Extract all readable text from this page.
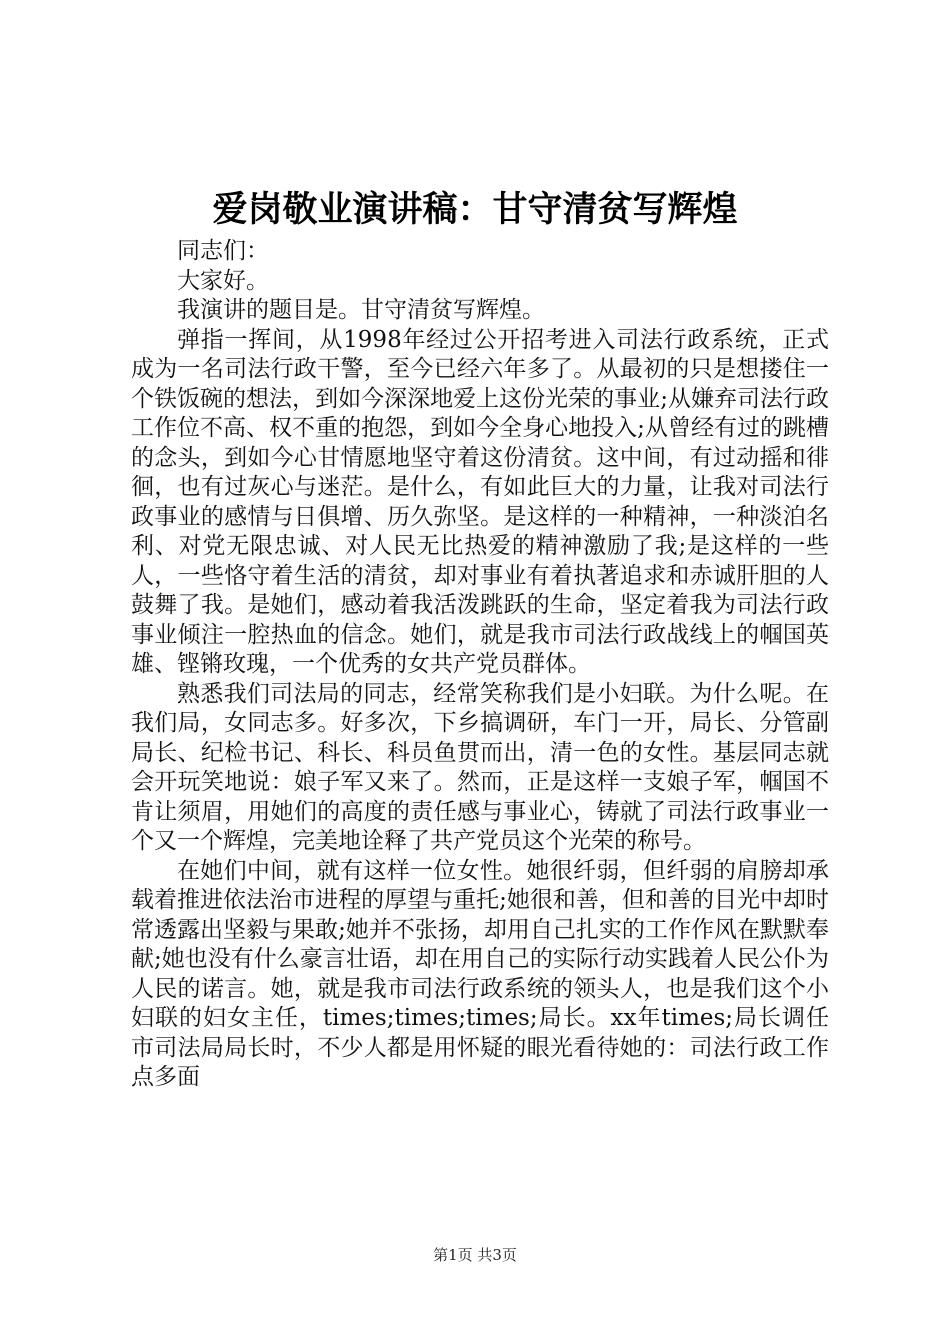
爱岗敬业演讲稿：甘守清贫写辉煌

同志们：

大家好。

我演讲的题目是。甘守清贫写辉煌。

弹指一挥间，从1998年经过公开招考进入司法行政系统，正式成为一名司法行政干警，至今已经六年多了。从最初的只是想搂住一个铁饭碗的想法，到如今深深地爱上这份光荣的事业;从嫌弃司法行政工作位不高、权不重的抱怨，到如今全身心地投入;从曾经有过的跳槽的念头，到如今心甘情愿地坚守着这份清贫。这中间，有过动摇和徘徊，也有过灰心与迷茫。是什么，有如此巨大的力量，让我对司法行政事业的感情与日俱增、历久弥坚。是这样的一种精神，一种淡泊名利、对党无限忠诚、对人民无比热爱的精神激励了我;是这样的一些人，一些恪守着生活的清贫，却对事业有着执著追求和赤诚肝胆的人鼓舞了我。是她们，感动着我活泼跳跃的生命，坚定着我为司法行政事业倾注一腔热血的信念。她们，就是我市司法行政战线上的帼国英雄、铿锵玫瑰，一个优秀的女共产党员群体。

熟悉我们司法局的同志，经常笑称我们是小妇联。为什么呢。在我们局，女同志多。好多次，下乡搞调研，车门一开，局长、分管副局长、纪检书记、科长、科员鱼贯而出，清一色的女性。基层同志就会开玩笑地说：娘子军又来了。然而，正是这样一支娘子军，帼国不肯让须眉，用她们的高度的责任感与事业心，铸就了司法行政事业一个又一个辉煌，完美地诠释了共产党员这个光荣的称号。

在她们中间，就有这样一位女性。她很纤弱，但纤弱的肩膀却承载着推进依法治市进程的厚望与重托;她很和善，但和善的目光中却时常透露出坚毅与果敢;她并不张扬，却用自己扎实的工作作风在默默奉献;她也没有什么豪言壮语，却在用自己的实际行动实践着人民公仆为人民的诺言。她，就是我市司法行政系统的领头人，也是我们这个小妇联的妇女主任，times;times;times;局长。xx年times;局长调任市司法局局长时，不少人都是用怀疑的眼光看待她的：司法行政工作点多面

第1页 共3页
